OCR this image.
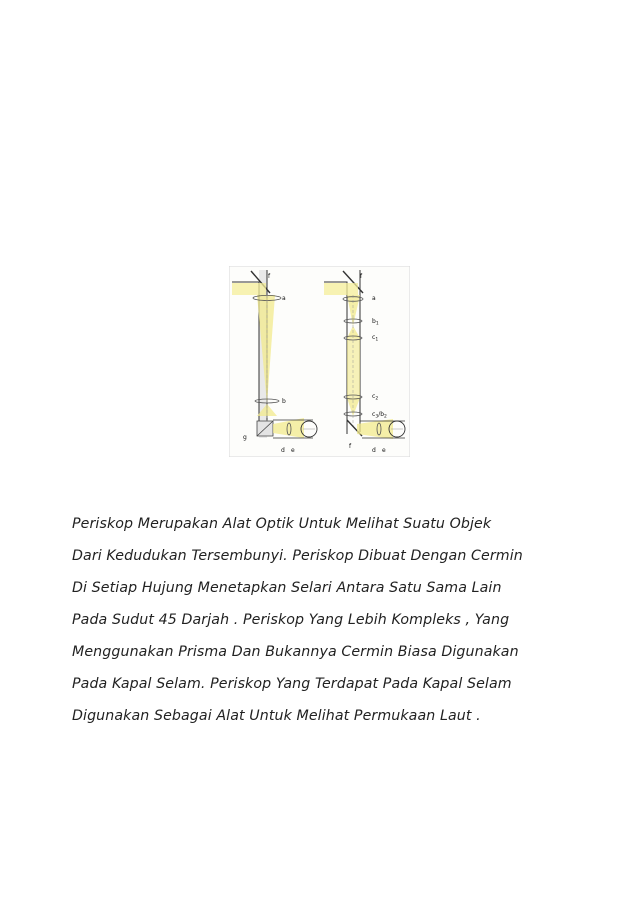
f
a
b
g
d e
f
a
$b_1$
$c_1$
$c_2$
$c_3/b_2$
f
d e
Periskop Merupakan Alat Optik Untuk Melihat Suatu Objek
Dari Kedudukan Tersembunyi. Periskop Dibuat Dengan Cermin
Di Setiap Hujung Menetapkan Selari Antara Satu Sama Lain
Pada Sudut 45 Darjah . Periskop Yang Lebih Kompleks , Yang
Menggunakan Prisma Dan Bukannya Cermin Biasa Digunakan
Pada Kapal Selam. Periskop Yang Terdapat Pada Kapal Selam
Digunakan Sebagai Alat Untuk Melihat Permukaan Laut .
